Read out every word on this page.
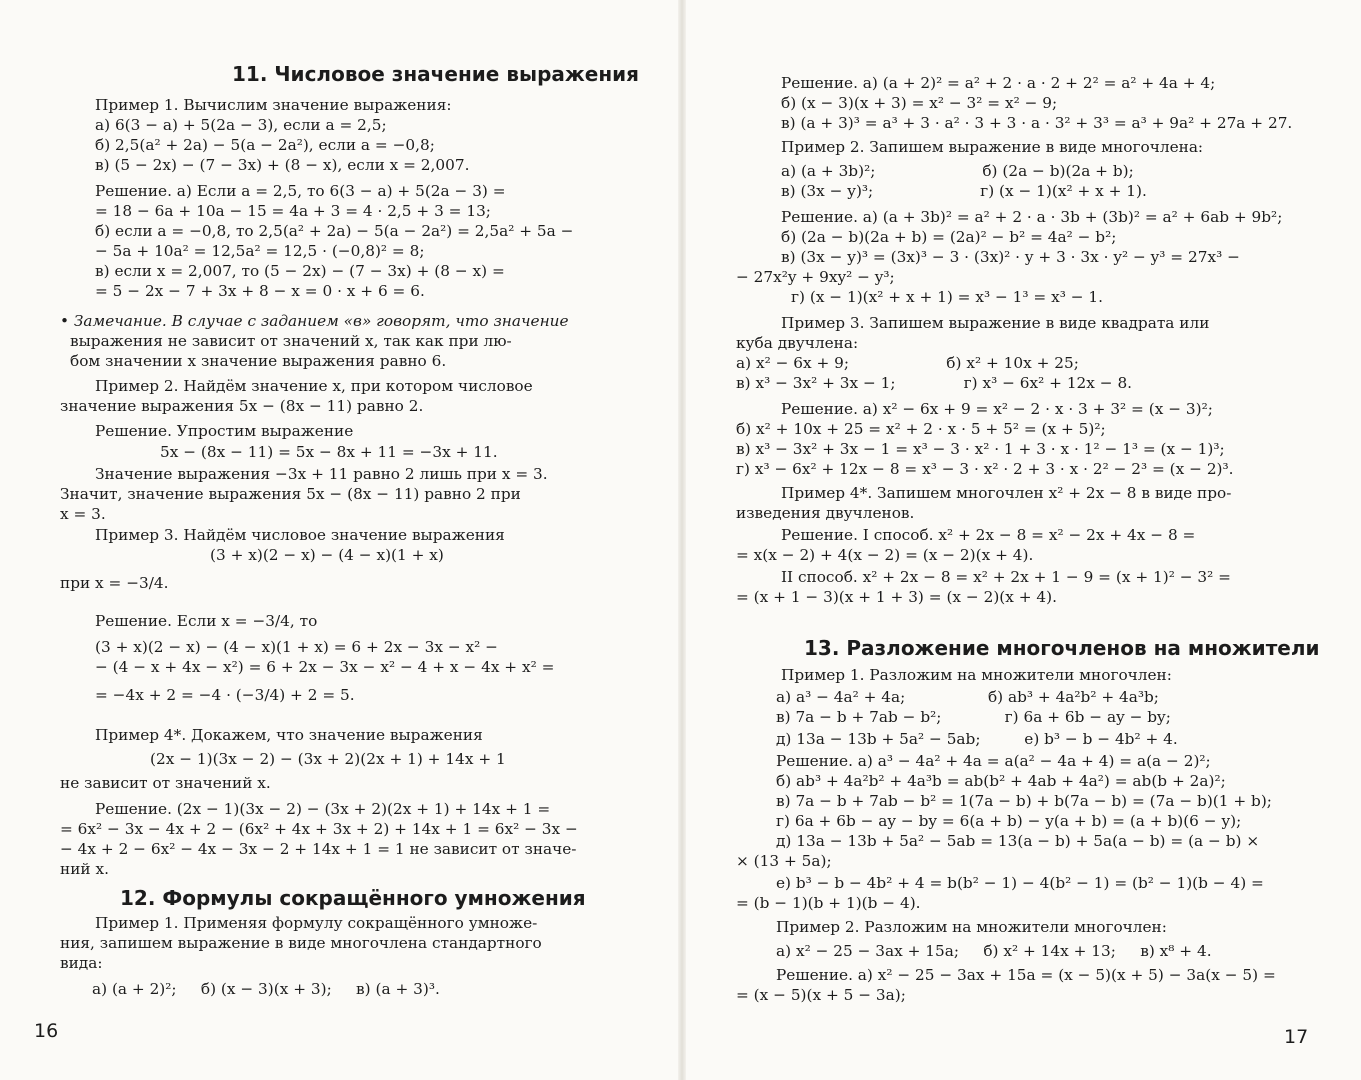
11. Числовое значение выражения
Пример 1. Вычислим значение выражения:
а) 6(3 − a) + 5(2a − 3), если a = 2,5;
б) 2,5(a² + 2a) − 5(a − 2a²), если a = −0,8;
в) (5 − 2x) − (7 − 3x) + (8 − x), если x = 2,007.
Решение. а) Если a = 2,5, то 6(3 − a) + 5(2a − 3) =
= 18 − 6a + 10a − 15 = 4a + 3 = 4 · 2,5 + 3 = 13;
б) если a = −0,8, то 2,5(a² + 2a) − 5(a − 2a²) = 2,5a² + 5a −
− 5a + 10a² = 12,5a² = 12,5 · (−0,8)² = 8;
в) если x = 2,007, то (5 − 2x) − (7 − 3x) + (8 − x) =
= 5 − 2x − 7 + 3x + 8 − x = 0 · x + 6 = 6.
• Замечание. В случае с заданием «в» говорят, что значение
выражения не зависит от значений x, так как при лю-
бом значении x значение выражения равно 6.
Пример 2. Найдём значение x, при котором числовое
значение выражения 5x − (8x − 11) равно 2.
Решение. Упростим выражение
5x − (8x − 11) = 5x − 8x + 11 = −3x + 11.
Значение выражения −3x + 11 равно 2 лишь при x = 3.
Значит, значение выражения 5x − (8x − 11) равно 2 при
x = 3.
Пример 3. Найдём числовое значение выражения
(3 + x)(2 − x) − (4 − x)(1 + x)
при x = −3/4.
Решение. Если x = −3/4, то
(3 + x)(2 − x) − (4 − x)(1 + x) = 6 + 2x − 3x − x² −
− (4 − x + 4x − x²) = 6 + 2x − 3x − x² − 4 + x − 4x + x² =
= −4x + 2 = −4 · (−3/4) + 2 = 5.
Пример 4*. Докажем, что значение выражения
(2x − 1)(3x − 2) − (3x + 2)(2x + 1) + 14x + 1
не зависит от значений x.
Решение. (2x − 1)(3x − 2) − (3x + 2)(2x + 1) + 14x + 1 =
= 6x² − 3x − 4x + 2 − (6x² + 4x + 3x + 2) + 14x + 1 = 6x² − 3x −
− 4x + 2 − 6x² − 4x − 3x − 2 + 14x + 1 = 1 не зависит от значе-
ний x.
12. Формулы сокращённого умножения
Пример 1. Применяя формулу сокращённого умноже-
ния, запишем выражение в виде многочлена стандартного
вида:
а) (a + 2)²;     б) (x − 3)(x + 3);     в) (a + 3)³.
16
Решение. а) (a + 2)² = a² + 2 · a · 2 + 2² = a² + 4a + 4;
б) (x − 3)(x + 3) = x² − 3² = x² − 9;
в) (a + 3)³ = a³ + 3 · a² · 3 + 3 · a · 3² + 3³ = a³ + 9a² + 27a + 27.
Пример 2. Запишем выражение в виде многочлена:
а) (a + 3b)²;                      б) (2a − b)(2a + b);
в) (3x − y)³;                      г) (x − 1)(x² + x + 1).
Решение. а) (a + 3b)² = a² + 2 · a · 3b + (3b)² = a² + 6ab + 9b²;
б) (2a − b)(2a + b) = (2a)² − b² = 4a² − b²;
в) (3x − y)³ = (3x)³ − 3 · (3x)² · y + 3 · 3x · y² − y³ = 27x³ −
− 27x²y + 9xy² − y³;
г) (x − 1)(x² + x + 1) = x³ − 1³ = x³ − 1.
Пример 3. Запишем выражение в виде квадрата или
куба двучлена:
а) x² − 6x + 9;                    б) x² + 10x + 25;
в) x³ − 3x² + 3x − 1;              г) x³ − 6x² + 12x − 8.
Решение. а) x² − 6x + 9 = x² − 2 · x · 3 + 3² = (x − 3)²;
б) x² + 10x + 25 = x² + 2 · x · 5 + 5² = (x + 5)²;
в) x³ − 3x² + 3x − 1 = x³ − 3 · x² · 1 + 3 · x · 1² − 1³ = (x − 1)³;
г) x³ − 6x² + 12x − 8 = x³ − 3 · x² · 2 + 3 · x · 2² − 2³ = (x − 2)³.
Пример 4*. Запишем многочлен x² + 2x − 8 в виде про-
изведения двучленов.
Решение. I способ. x² + 2x − 8 = x² − 2x + 4x − 8 =
= x(x − 2) + 4(x − 2) = (x − 2)(x + 4).
II способ. x² + 2x − 8 = x² + 2x + 1 − 9 = (x + 1)² − 3² =
= (x + 1 − 3)(x + 1 + 3) = (x − 2)(x + 4).
13. Разложение многочленов на множители
Пример 1. Разложим на множители многочлен:
а) a³ − 4a² + 4a;                 б) ab³ + 4a²b² + 4a³b;
в) 7a − b + 7ab − b²;             г) 6a + 6b − ay − by;
д) 13a − 13b + 5a² − 5ab;         е) b³ − b − 4b² + 4.
Решение. а) a³ − 4a² + 4a = a(a² − 4a + 4) = a(a − 2)²;
б) ab³ + 4a²b² + 4a³b = ab(b² + 4ab + 4a²) = ab(b + 2a)²;
в) 7a − b + 7ab − b² = 1(7a − b) + b(7a − b) = (7a − b)(1 + b);
г) 6a + 6b − ay − by = 6(a + b) − y(a + b) = (a + b)(6 − y);
д) 13a − 13b + 5a² − 5ab = 13(a − b) + 5a(a − b) = (a − b) ×
× (13 + 5a);
е) b³ − b − 4b² + 4 = b(b² − 1) − 4(b² − 1) = (b² − 1)(b − 4) =
= (b − 1)(b + 1)(b − 4).
Пример 2. Разложим на множители многочлен:
а) x² − 25 − 3ax + 15a;     б) x² + 14x + 13;     в) x⁸ + 4.
Решение. а) x² − 25 − 3ax + 15a = (x − 5)(x + 5) − 3a(x − 5) =
= (x − 5)(x + 5 − 3a);
17
